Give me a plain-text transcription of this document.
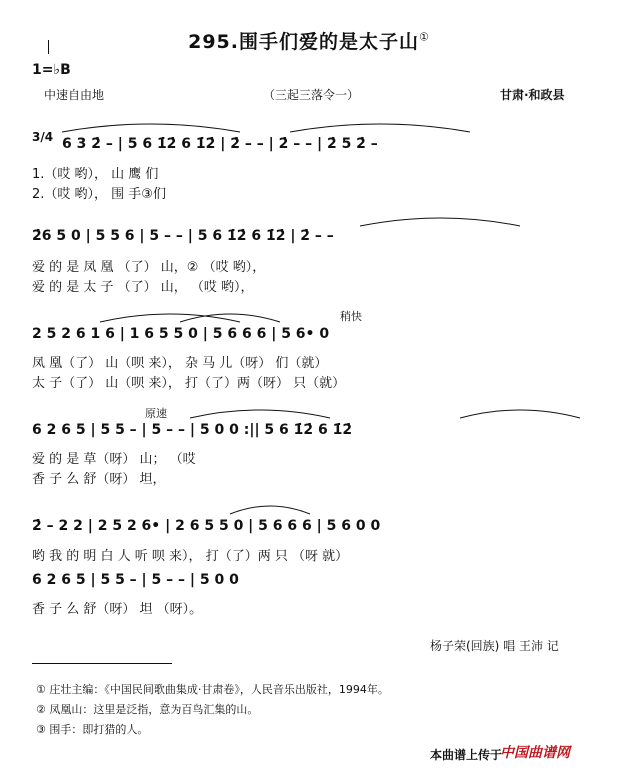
295.围手们爱的是太子山①
1=♭B
中速自由地	（三起三落令一）	甘肃·和政县
3/4 6 3 2̇ – | 5 6 1̇2̇ 6 1̇2̇ | 2̇ – – | 2̇ – – | 2̇ 5 2̇ –
1.（哎 哟）， 山 鹰 们
2.（哎 哟）， 围 手③们
2̇6 5 0 | 5 5 6 | 5 – – | 5 6 1̇2̇ 6 1̇2̇ | 2̇ – –
爱 的 是 凤 凰 （了） 山，② （哎 哟），
爱 的 是 太 子 （了） 山， （哎 哟），
稍快
2 5 2 6 1 6 | 1 6 5 5 0 | 5 6 6 6 | 5 6• 0
凤 凰（了） 山（呗 来）， 杂 马 儿（呀） 们（就）
太 子（了） 山（呗 来）， 打（了）两（呀） 只（就）
原速
6 2 6 5 | 5 5 – | 5 – – | 5 0 0 :|| 5 6 1̇2̇ 6 1̇2̇
爱 的 是 草（呀） 山； （哎
香 子 么 舒（呀） 坦，
2̇ – 2 2 | 2 5 2 6• | 2 6 5 5 0 | 5 6 6 6 | 5 6 0 0
哟 我 的 明 白 人 听 呗 来）， 打（了）两 只 （呀 就）
6 2 6 5 | 5 5 – | 5 – – | 5 0 0
香 子 么 舒（呀） 坦 （呀）。
杨子荣(回族) 唱 王沛 记
① 庄壮主编：《中国民间歌曲集成·甘肃卷》，人民音乐出版社，1994年。
② 凤凰山：这里是泛指，意为百鸟汇集的山。
③ 围手：即打猎的人。
本曲谱上传于
中国曲谱网
